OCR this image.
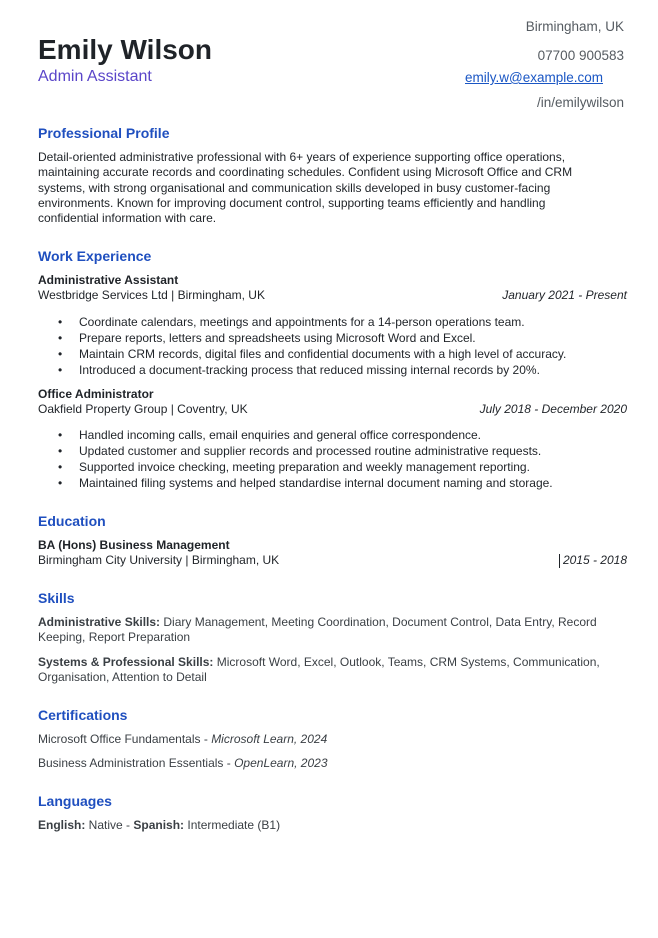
Emily Wilson
Admin Assistant
Birmingham, UK
07700 900583
emily.w@example.com
/in/emilywilson
Professional Profile
Detail-oriented administrative professional with 6+ years of experience supporting office operations,
maintaining accurate records and coordinating schedules. Confident using Microsoft Office and CRM
systems, with strong organisational and communication skills developed in busy customer-facing
environments. Known for improving document control, supporting teams efficiently and handling
confidential information with care.
Work Experience
Administrative Assistant
Westbridge Services Ltd | Birmingham, UK	January 2021 - Present
• Coordinate calendars, meetings and appointments for a 14-person operations team.
• Prepare reports, letters and spreadsheets using Microsoft Word and Excel.
• Maintain CRM records, digital files and confidential documents with a high level of accuracy.
• Introduced a document-tracking process that reduced missing internal records by 20%.
Office Administrator
Oakfield Property Group | Coventry, UK	July 2018 - December 2020
• Handled incoming calls, email enquiries and general office correspondence.
• Updated customer and supplier records and processed routine administrative requests.
• Supported invoice checking, meeting preparation and weekly management reporting.
• Maintained filing systems and helped standardise internal document naming and storage.
Education
BA (Hons) Business Management
Birmingham City University | Birmingham, UK	2015 - 2018
Skills
Administrative Skills: Diary Management, Meeting Coordination, Document Control, Data Entry, Record
Keeping, Report Preparation
Systems & Professional Skills: Microsoft Word, Excel, Outlook, Teams, CRM Systems, Communication,
Organisation, Attention to Detail
Certifications
Microsoft Office Fundamentals - Microsoft Learn, 2024
Business Administration Essentials - OpenLearn, 2023
Languages
English: Native - Spanish: Intermediate (B1)
